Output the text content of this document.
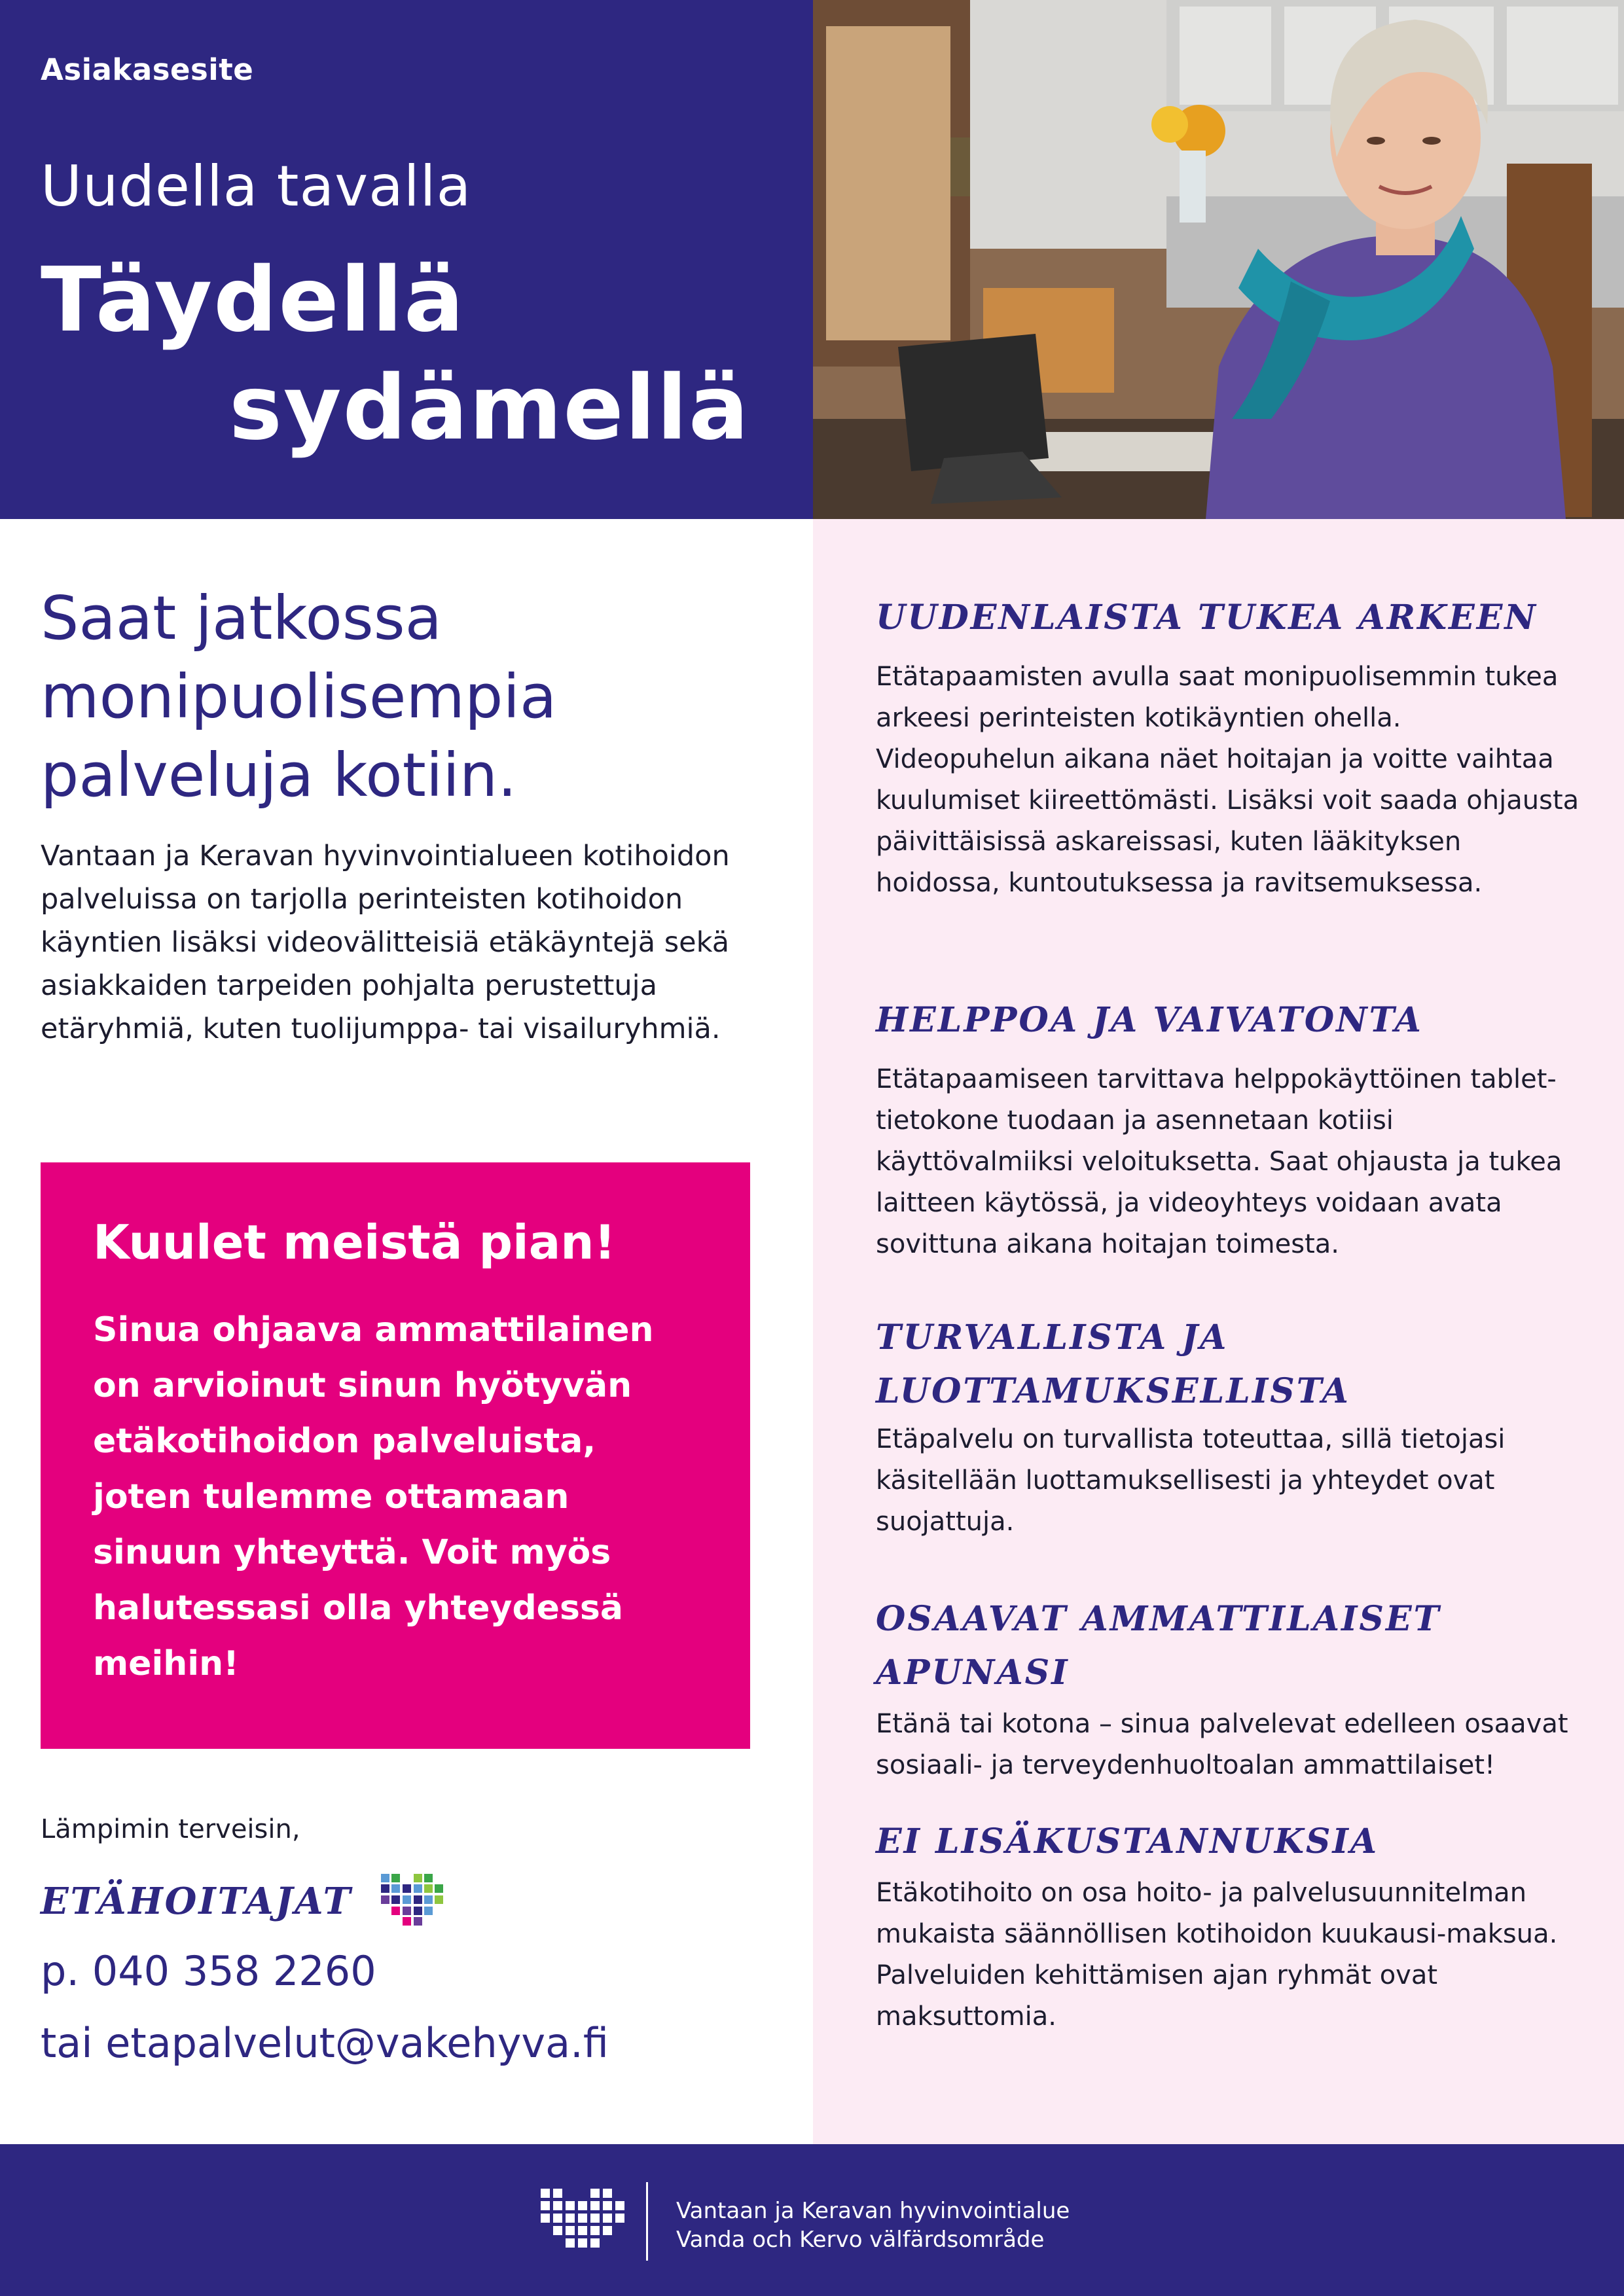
Asiakasesite
Uudella tavalla
Täydellä
sydämellä
Saat jatkossa monipuolisempia palveluja kotiin.
Vantaan ja Keravan hyvinvointialueen kotihoidon palveluissa on tarjolla perinteisten kotihoidon käyntien lisäksi videovälitteisiä etäkäyntejä sekä asiakkaiden tarpeiden pohjalta perustettuja etäryhmiä, kuten tuolijumppa- tai visailuryhmiä.
Kuulet meistä pian!
Sinua ohjaava ammattilainen on arvioinut sinun hyötyvän etäkotihoidon palveluista, joten tulemme ottamaan sinuun yhteyttä. Voit myös halutessasi olla yhteydessä meihin!
Lämpimin terveisin,
ETÄHOITAJAT
p. 040 358 2260
tai etapalvelut@vakehyva.fi
UUDENLAISTA TUKEA ARKEEN
Etätapaamisten avulla saat monipuolisemmin tukea arkeesi perinteisten kotikäyntien ohella. Videopuhelun aikana näet hoitajan ja voitte vaihtaa kuulumiset kiireettömästi. Lisäksi voit saada ohjausta päivittäisissä askareissasi, kuten lääkityksen hoidossa, kuntoutuksessa ja ravitsemuksessa.
HELPPOA JA VAIVATONTA
Etätapaamiseen tarvittava helppokäyttöinen tablet-tietokone tuodaan ja asennetaan kotiisi käyttövalmiiksi veloituksetta. Saat ohjausta ja tukea laitteen käytössä, ja videoyhteys voidaan avata sovittuna aikana hoitajan toimesta.
TURVALLISTA JA LUOTTAMUKSELLISTA
Etäpalvelu on turvallista toteuttaa, sillä tietojasi käsitellään luottamuksellisesti ja yhteydet ovat suojattuja.
OSAAVAT AMMATTILAISET APUNASI
Etänä tai kotona – sinua palvelevat edelleen osaavat sosiaali- ja terveydenhuoltoalan ammattilaiset!
EI LISÄKUSTANNUKSIA
Etäkotihoito on osa hoito- ja palvelusuunnitelman mukaista säännöllisen kotihoidon kuukausi-maksua. Palveluiden kehittämisen ajan ryhmät ovat maksuttomia.
Vantaan ja Keravan hyvinvointialue
Vanda och Kervo välfärdsområde
